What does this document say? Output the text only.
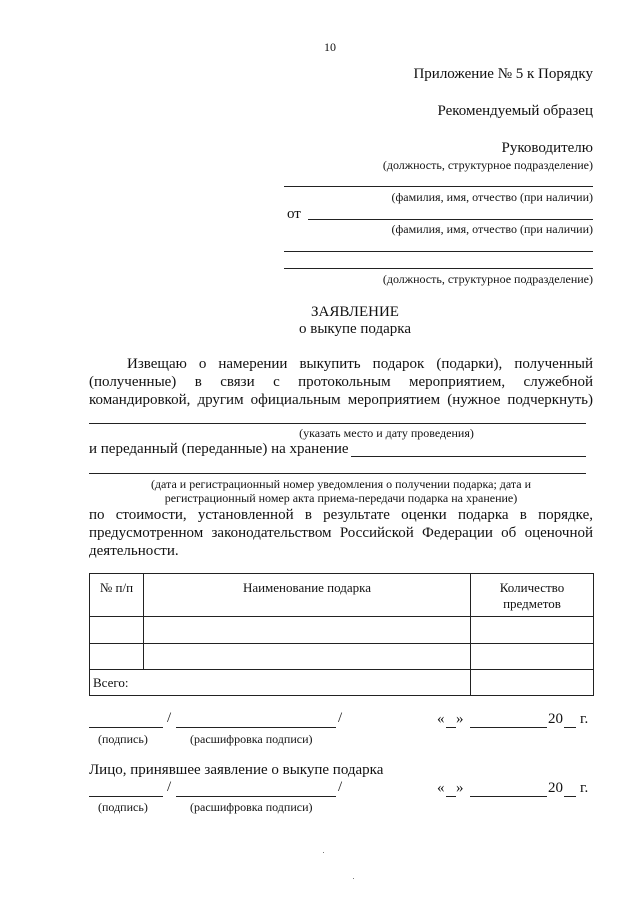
10
Приложение № 5 к Порядку
Рекомендуемый образец
Руководителю
(должность, структурное подразделение)
(фамилия, имя, отчество (при наличии)
от
(фамилия, имя, отчество (при наличии)
(должность, структурное подразделение)
ЗАЯВЛЕНИЕ
о выкупе подарка
Извещаю о намерении выкупить подарок (подарки), полученный
(полученные) в связи с протокольным мероприятием, служебной
командировкой, другим официальным мероприятием (нужное подчеркнуть)
(указать место и дату проведения)
и переданный (переданные) на хранение
(дата и регистрационный номер уведомления о получении подарка; дата и
регистрационный номер акта приема-передачи подарка на хранение)
по стоимости, установленной в результате оценки подарка в порядке,
предусмотренном законодательством Российской Федерации об оценочной
деятельности.
№ п/п	Наименование подарка	Количество
предметов

Всего:		
/	/	« »	20 г.
(подпись)	(расшифровка подписи)
Лицо, принявшее заявление о выкупе подарка
/	/	« »	20 г.
(подпись)	(расшифровка подписи)
